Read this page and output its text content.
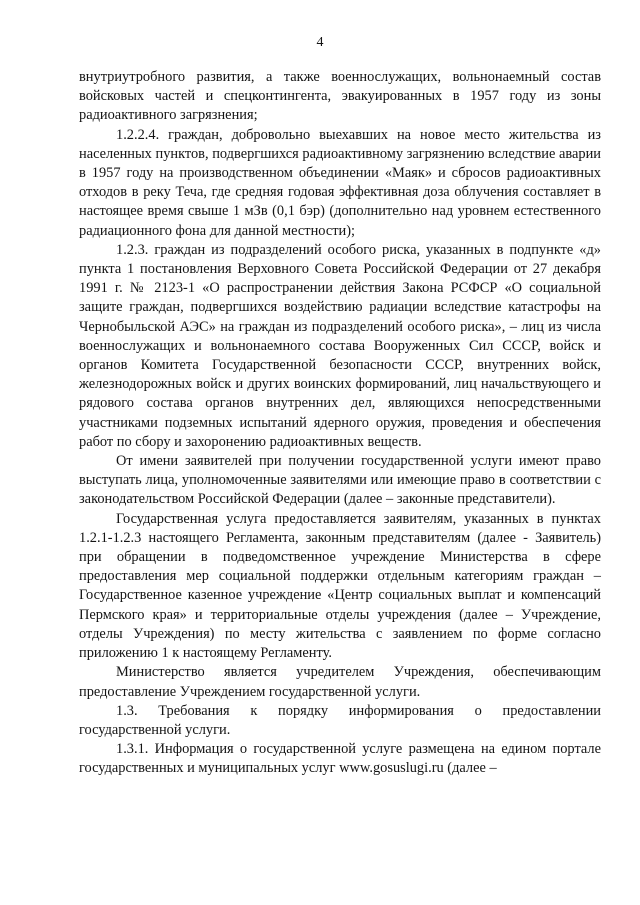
4

внутриутробного развития, а также военнослужащих, вольнонаемный состав войсковых частей и спецконтингента, эвакуированных в 1957 году из зоны радиоактивного загрязнения;

1.2.2.4. граждан, добровольно выехавших на новое место жительства из населенных пунктов, подвергшихся радиоактивному загрязнению вследствие аварии в 1957 году на производственном объединении «Маяк» и сбросов радиоактивных отходов в реку Теча, где средняя годовая эффективная доза облучения составляет в настоящее время свыше 1 мЗв (0,1 бэр) (дополнительно над уровнем естественного радиационного фона для данной местности);

1.2.3. граждан из подразделений особого риска, указанных в подпункте «д» пункта 1 постановления Верховного Совета Российской Федерации от 27 декабря 1991 г. № 2123-1 «О распространении действия Закона РСФСР «О социальной защите граждан, подвергшихся воздействию радиации вследствие катастрофы на Чернобыльской АЭС» на граждан из подразделений особого риска», – лиц из числа военнослужащих и вольнонаемного состава Вооруженных Сил СССР, войск и органов Комитета Государственной безопасности СССР, внутренних войск, железнодорожных войск и других воинских формирований, лиц начальствующего и рядового состава органов внутренних дел, являющихся непосредственными участниками подземных испытаний ядерного оружия, проведения и обеспечения работ по сбору и захоронению радиоактивных веществ.

От имени заявителей при получении государственной услуги имеют право выступать лица, уполномоченные заявителями или имеющие право в соответствии с законодательством Российской Федерации (далее – законные представители).

Государственная услуга предоставляется заявителям, указанных в пунктах 1.2.1-1.2.3 настоящего Регламента, законным представителям (далее - Заявитель) при обращении в подведомственное учреждение Министерства в сфере предоставления мер социальной поддержки отдельным категориям граждан – Государственное казенное учреждение «Центр социальных выплат и компенсаций Пермского края» и территориальные отделы учреждения (далее – Учреждение, отделы Учреждения) по месту жительства с заявлением по форме согласно приложению 1 к настоящему Регламенту.

Министерство является учредителем Учреждения, обеспечивающим предоставление Учреждением государственной услуги.

1.3. Требования к порядку информирования о предоставлении государственной услуги.

1.3.1. Информация о государственной услуге размещена на едином портале государственных и муниципальных услуг www.gosuslugi.ru (далее –
